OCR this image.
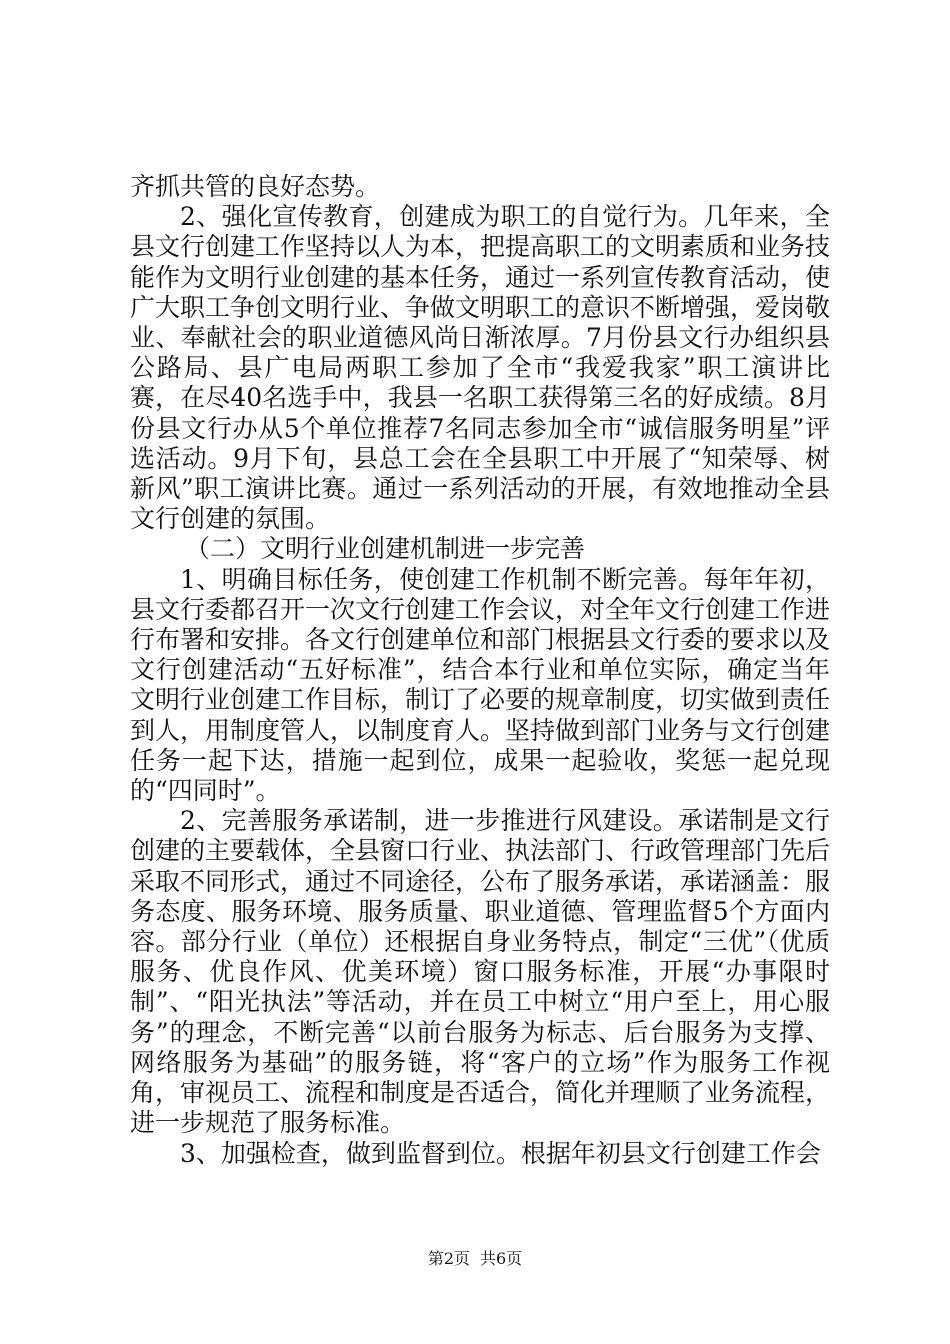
齐抓共管的良好态势。

2、强化宣传教育，创建成为职工的自觉行为。几年来，全县文行创建工作坚持以人为本，把提高职工的文明素质和业务技能作为文明行业创建的基本任务，通过一系列宣传教育活动，使广大职工争创文明行业、争做文明职工的意识不断增强，爱岗敬业、奉献社会的职业道德风尚日渐浓厚。7月份县文行办组织县公路局、县广电局两职工参加了全市“我爱我家”职工演讲比赛，在尽40名选手中，我县一名职工获得第三名的好成绩。8月份县文行办从5个单位推荐7名同志参加全市“诚信服务明星”评选活动。9月下旬，县总工会在全县职工中开展了“知荣辱、树新风”职工演讲比赛。通过一系列活动的开展，有效地推动全县文行创建的氛围。

（二）文明行业创建机制进一步完善

1、明确目标任务，使创建工作机制不断完善。每年年初，县文行委都召开一次文行创建工作会议，对全年文行创建工作进行布署和安排。各文行创建单位和部门根据县文行委的要求以及文行创建活动“五好标准”，结合本行业和单位实际，确定当年文明行业创建工作目标，制订了必要的规章制度，切实做到责任到人，用制度管人，以制度育人。坚持做到部门业务与文行创建任务一起下达，措施一起到位，成果一起验收，奖惩一起兑现的“四同时”。

2、完善服务承诺制，进一步推进行风建设。承诺制是文行创建的主要载体，全县窗口行业、执法部门、行政管理部门先后采取不同形式，通过不同途径，公布了服务承诺，承诺涵盖：服务态度、服务环境、服务质量、职业道德、管理监督5个方面内容。部分行业（单位）还根据自身业务特点，制定“三优”（优质服务、优良作风、优美环境）窗口服务标准，开展“办事限时制”、“阳光执法”等活动，并在员工中树立“用户至上，用心服务”的理念，不断完善“以前台服务为标志、后台服务为支撑、网络服务为基础”的服务链，将“客户的立场”作为服务工作视角，审视员工、流程和制度是否适合，简化并理顺了业务流程，进一步规范了服务标准。

3、加强检查，做到监督到位。根据年初县文行创建工作会

第2页 共6页
